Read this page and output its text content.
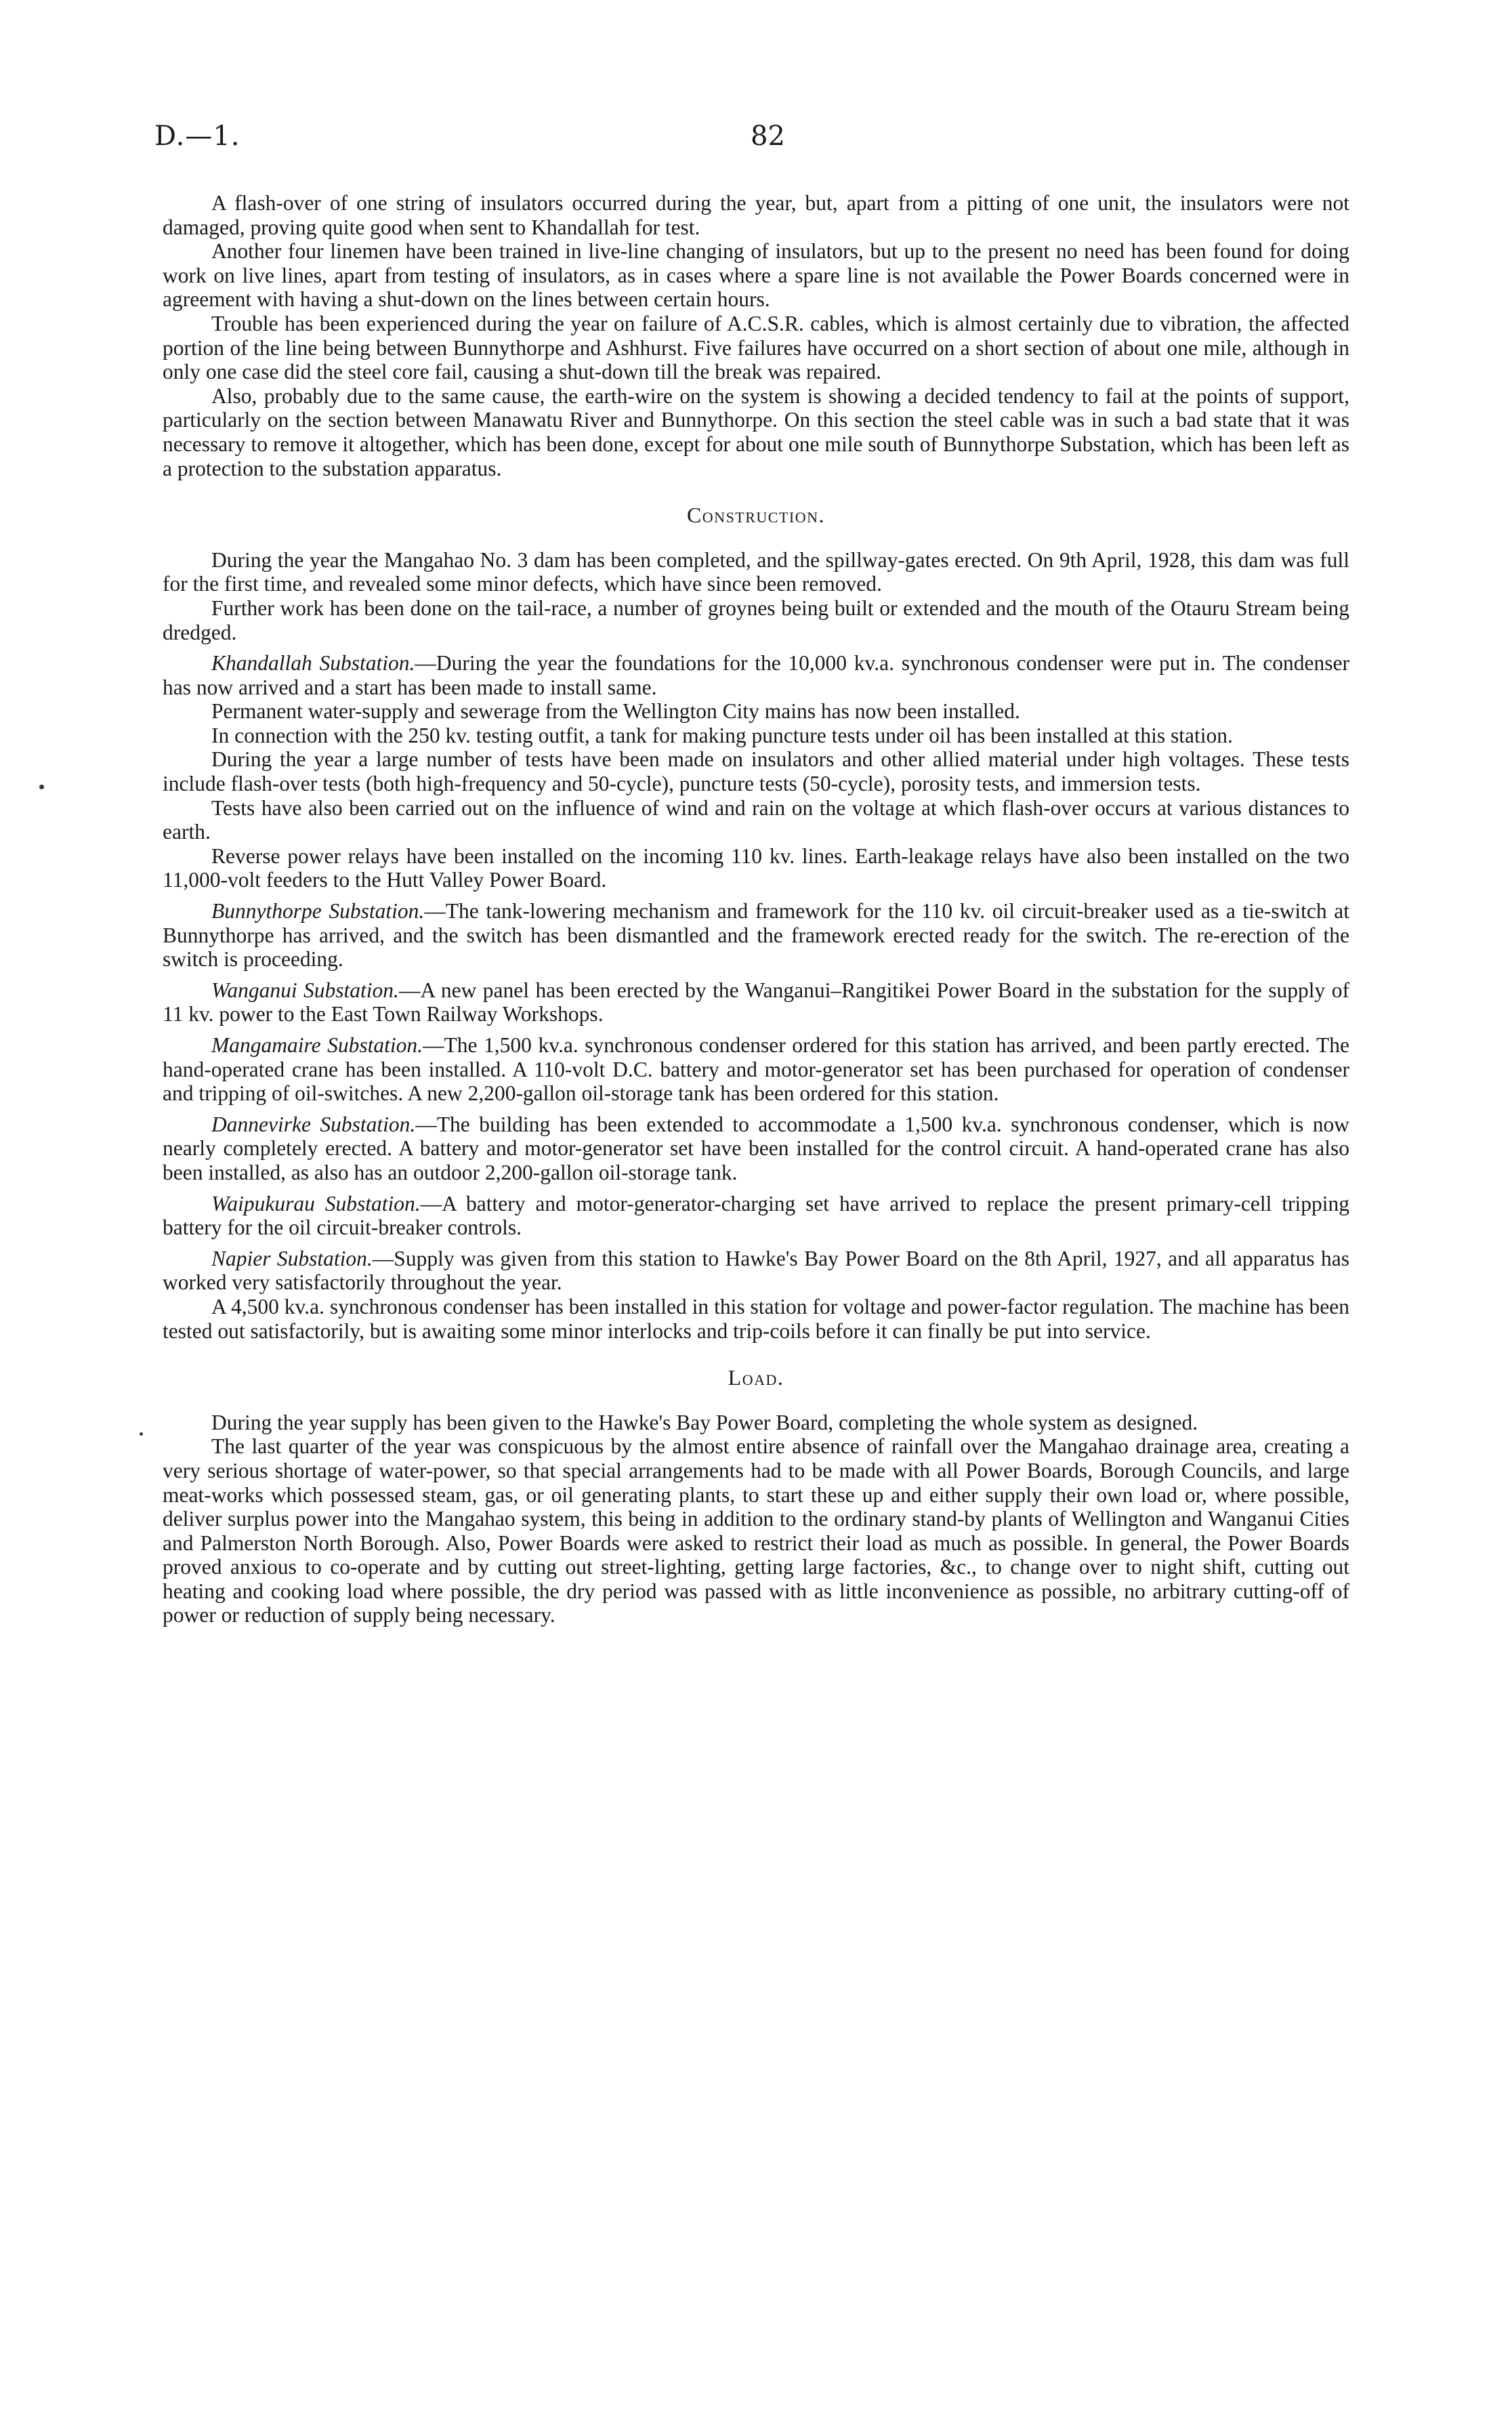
D.—1.	82

A flash-over of one string of insulators occurred during the year, but, apart from a pitting of one unit, the insulators were not damaged, proving quite good when sent to Khandallah for test.

Another four linemen have been trained in live-line changing of insulators, but up to the present no need has been found for doing work on live lines, apart from testing of insulators, as in cases where a spare line is not available the Power Boards concerned were in agreement with having a shut-down on the lines between certain hours.

Trouble has been experienced during the year on failure of A.C.S.R. cables, which is almost certainly due to vibration, the affected portion of the line being between Bunnythorpe and Ashhurst. Five failures have occurred on a short section of about one mile, although in only one case did the steel core fail, causing a shut-down till the break was repaired.

Also, probably due to the same cause, the earth-wire on the system is showing a decided tendency to fail at the points of support, particularly on the section between Manawatu River and Bunnythorpe. On this section the steel cable was in such a bad state that it was necessary to remove it altogether, which has been done, except for about one mile south of Bunnythorpe Substation, which has been left as a protection to the substation apparatus.

Construction.

During the year the Mangahao No. 3 dam has been completed, and the spillway-gates erected. On 9th April, 1928, this dam was full for the first time, and revealed some minor defects, which have since been removed.

Further work has been done on the tail-race, a number of groynes being built or extended and the mouth of the Otauru Stream being dredged.

Khandallah Substation.—During the year the foundations for the 10,000 kv.a. synchronous condenser were put in. The condenser has now arrived and a start has been made to install same.

Permanent water-supply and sewerage from the Wellington City mains has now been installed.

In connection with the 250 kv. testing outfit, a tank for making puncture tests under oil has been installed at this station.

During the year a large number of tests have been made on insulators and other allied material under high voltages. These tests include flash-over tests (both high-frequency and 50-cycle), puncture tests (50-cycle), porosity tests, and immersion tests.

Tests have also been carried out on the influence of wind and rain on the voltage at which flash-over occurs at various distances to earth.

Reverse power relays have been installed on the incoming 110 kv. lines. Earth-leakage relays have also been installed on the two 11,000-volt feeders to the Hutt Valley Power Board.

Bunnythorpe Substation.—The tank-lowering mechanism and framework for the 110 kv. oil circuit-breaker used as a tie-switch at Bunnythorpe has arrived, and the switch has been dismantled and the framework erected ready for the switch. The re-erection of the switch is proceeding.

Wanganui Substation.—A new panel has been erected by the Wanganui–Rangitikei Power Board in the substation for the supply of 11 kv. power to the East Town Railway Workshops.

Mangamaire Substation.—The 1,500 kv.a. synchronous condenser ordered for this station has arrived, and been partly erected. The hand-operated crane has been installed. A 110-volt D.C. battery and motor-generator set has been purchased for operation of condenser and tripping of oil-switches. A new 2,200-gallon oil-storage tank has been ordered for this station.

Dannevirke Substation.—The building has been extended to accommodate a 1,500 kv.a. synchronous condenser, which is now nearly completely erected. A battery and motor-generator set have been installed for the control circuit. A hand-operated crane has also been installed, as also has an outdoor 2,200-gallon oil-storage tank.

Waipukurau Substation.—A battery and motor-generator-charging set have arrived to replace the present primary-cell tripping battery for the oil circuit-breaker controls.

Napier Substation.—Supply was given from this station to Hawke's Bay Power Board on the 8th April, 1927, and all apparatus has worked very satisfactorily throughout the year.

A 4,500 kv.a. synchronous condenser has been installed in this station for voltage and power-factor regulation. The machine has been tested out satisfactorily, but is awaiting some minor interlocks and trip-coils before it can finally be put into service.

Load.

During the year supply has been given to the Hawke's Bay Power Board, completing the whole system as designed.

The last quarter of the year was conspicuous by the almost entire absence of rainfall over the Mangahao drainage area, creating a very serious shortage of water-power, so that special arrangements had to be made with all Power Boards, Borough Councils, and large meat-works which possessed steam, gas, or oil generating plants, to start these up and either supply their own load or, where possible, deliver surplus power into the Mangahao system, this being in addition to the ordinary stand-by plants of Wellington and Wanganui Cities and Palmerston North Borough. Also, Power Boards were asked to restrict their load as much as possible. In general, the Power Boards proved anxious to co-operate and by cutting out street-lighting, getting large factories, &c., to change over to night shift, cutting out heating and cooking load where possible, the dry period was passed with as little inconvenience as possible, no arbitrary cutting-off of power or reduction of supply being necessary.
